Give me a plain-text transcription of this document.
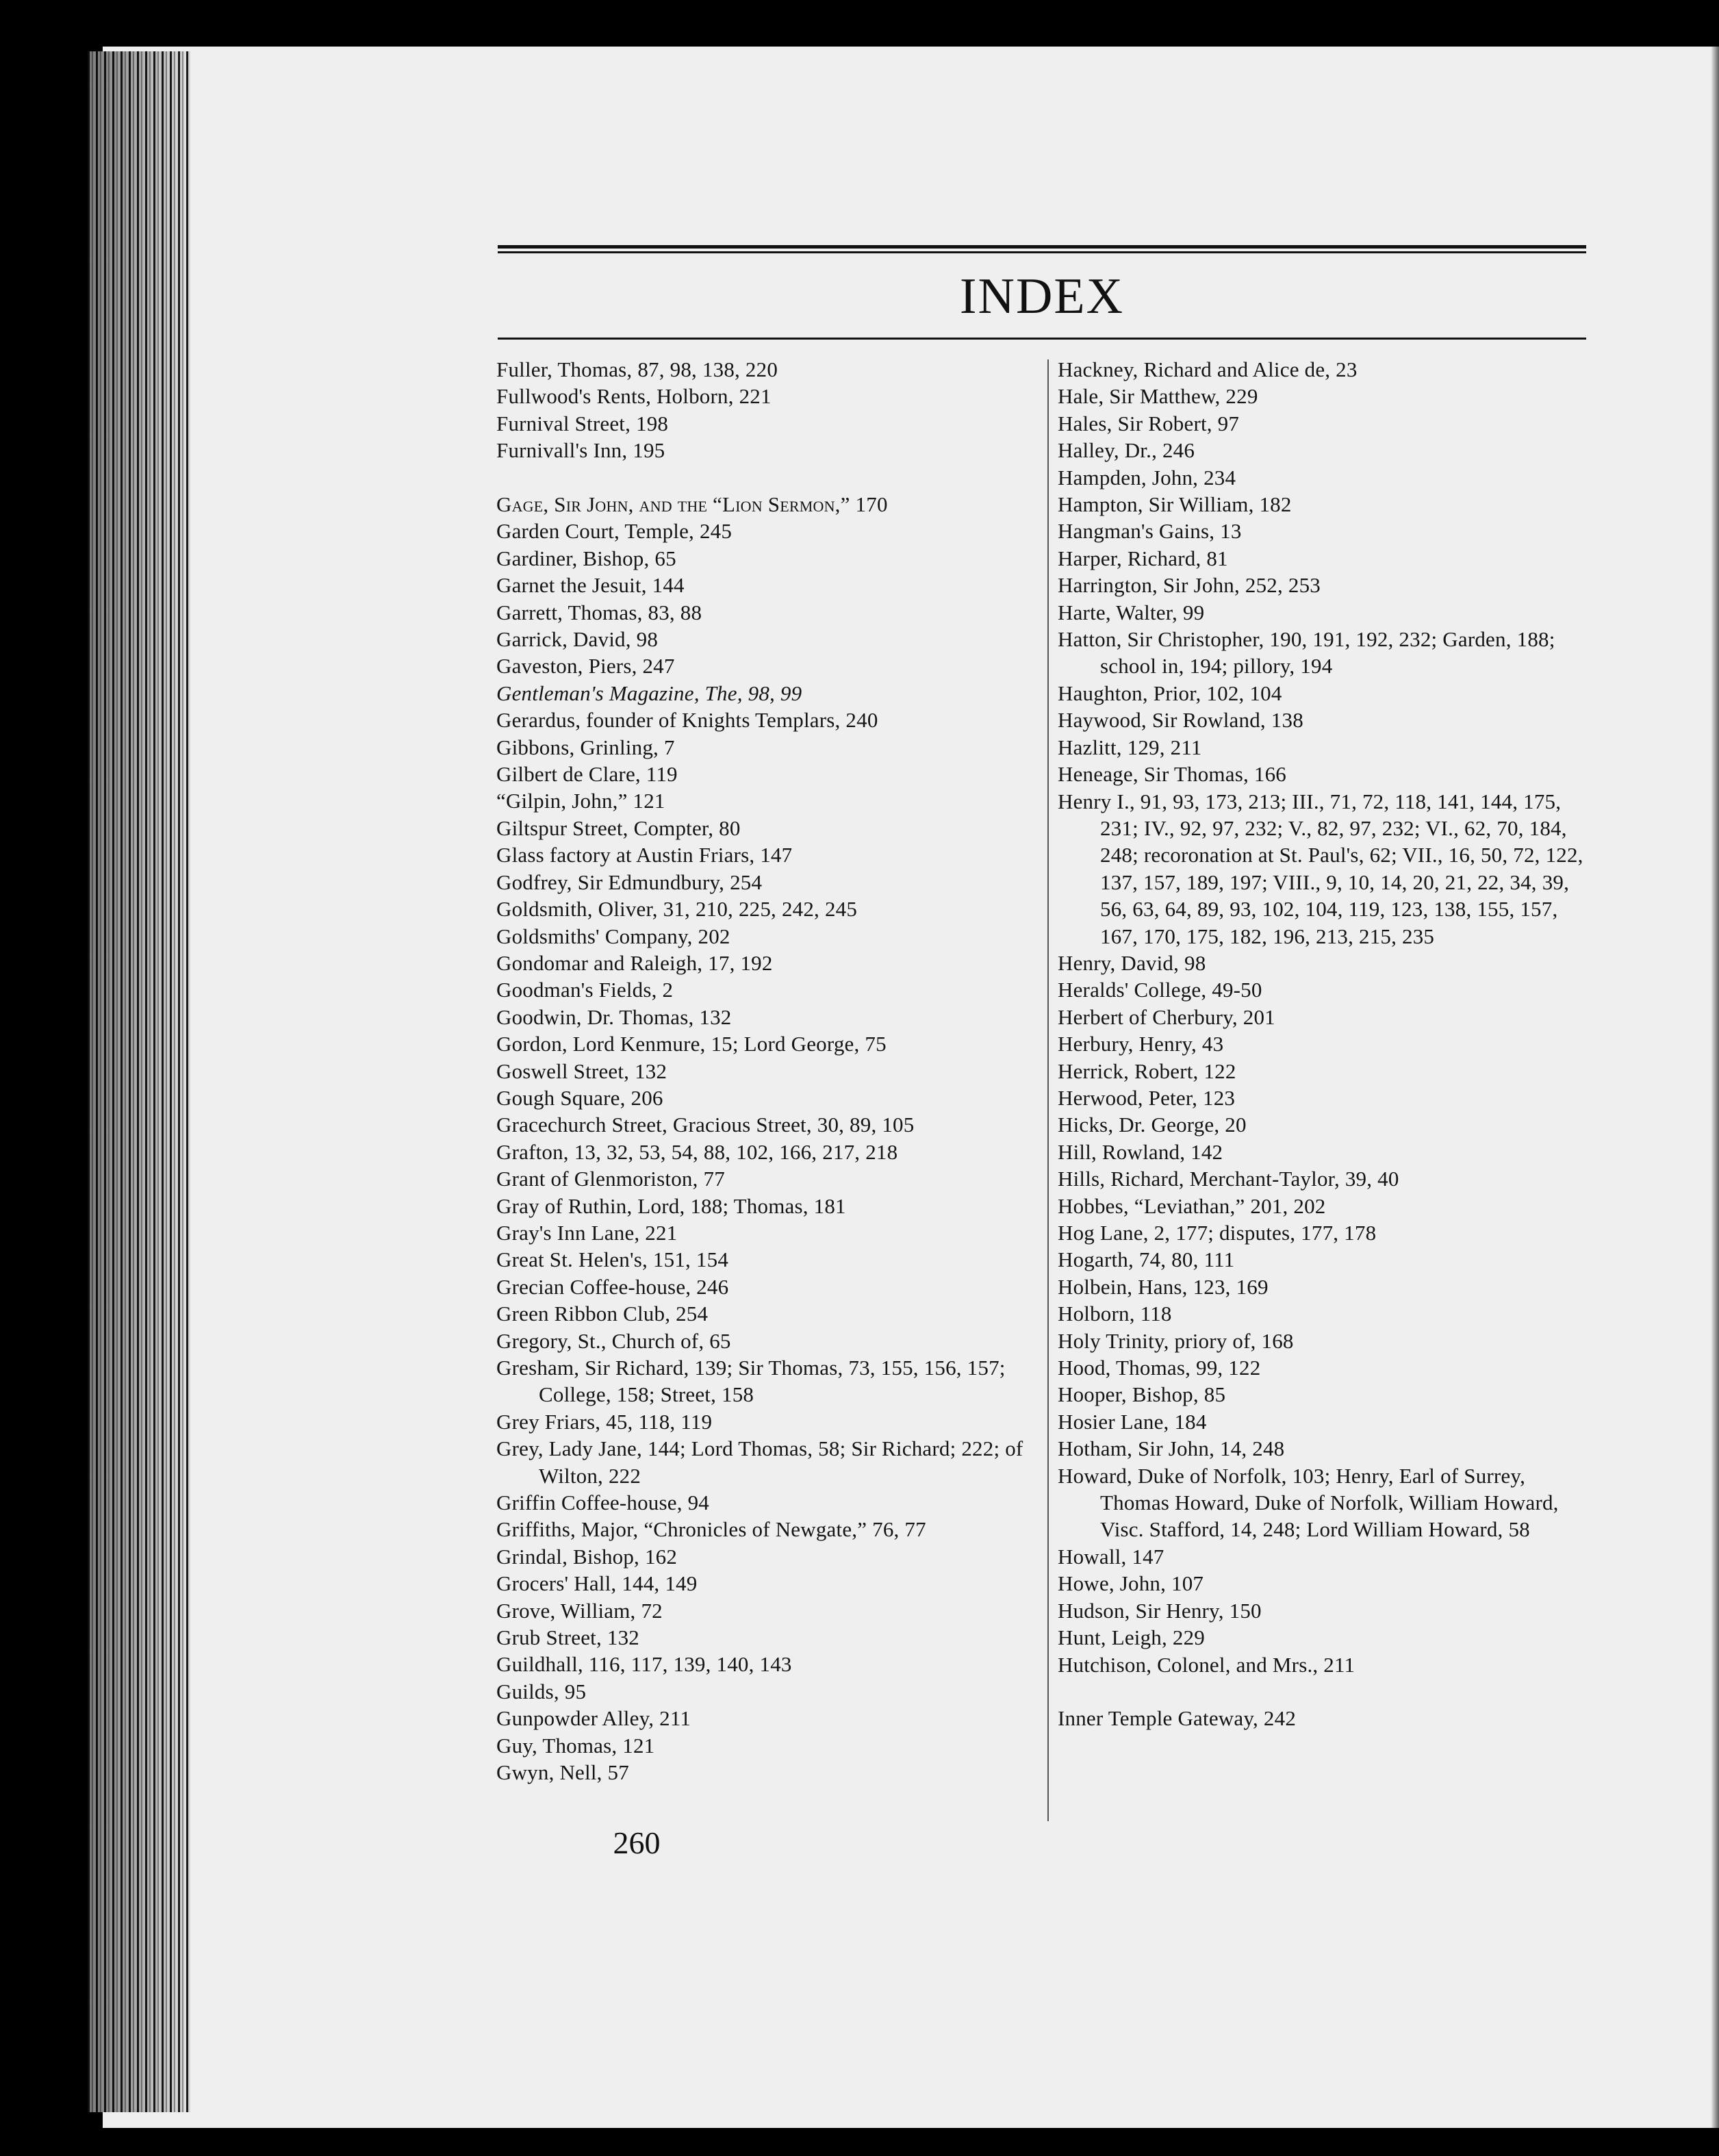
INDEX
Fuller, Thomas, 87, 98, 138, 220
Fullwood's Rents, Holborn, 221
Furnival Street, 198
Furnivall's Inn, 195
Gage, Sir John, and the “Lion Sermon,” 170
Garden Court, Temple, 245
Gardiner, Bishop, 65
Garnet the Jesuit, 144
Garrett, Thomas, 83, 88
Garrick, David, 98
Gaveston, Piers, 247
Gentleman's Magazine, The, 98, 99
Gerardus, founder of Knights Templars, 240
Gibbons, Grinling, 7
Gilbert de Clare, 119
“Gilpin, John,” 121
Giltspur Street, Compter, 80
Glass factory at Austin Friars, 147
Godfrey, Sir Edmundbury, 254
Goldsmith, Oliver, 31, 210, 225, 242, 245
Goldsmiths' Company, 202
Gondomar and Raleigh, 17, 192
Goodman's Fields, 2
Goodwin, Dr. Thomas, 132
Gordon, Lord Kenmure, 15; Lord George, 75
Goswell Street, 132
Gough Square, 206
Gracechurch Street, Gracious Street, 30, 89, 105
Grafton, 13, 32, 53, 54, 88, 102, 166, 217, 218
Grant of Glenmoriston, 77
Gray of Ruthin, Lord, 188; Thomas, 181
Gray's Inn Lane, 221
Great St. Helen's, 151, 154
Grecian Coffee-house, 246
Green Ribbon Club, 254
Gregory, St., Church of, 65
Gresham, Sir Richard, 139; Sir Thomas, 73, 155, 156, 157; College, 158; Street, 158
Grey Friars, 45, 118, 119
Grey, Lady Jane, 144; Lord Thomas, 58; Sir Richard; 222; of Wilton, 222
Griffin Coffee-house, 94
Griffiths, Major, “Chronicles of Newgate,” 76, 77
Grindal, Bishop, 162
Grocers' Hall, 144, 149
Grove, William, 72
Grub Street, 132
Guildhall, 116, 117, 139, 140, 143
Guilds, 95
Gunpowder Alley, 211
Guy, Thomas, 121
Gwyn, Nell, 57
Hackney, Richard and Alice de, 23
Hale, Sir Matthew, 229
Hales, Sir Robert, 97
Halley, Dr., 246
Hampden, John, 234
Hampton, Sir William, 182
Hangman's Gains, 13
Harper, Richard, 81
Harrington, Sir John, 252, 253
Harte, Walter, 99
Hatton, Sir Christopher, 190, 191, 192, 232; Garden, 188; school in, 194; pillory, 194
Haughton, Prior, 102, 104
Haywood, Sir Rowland, 138
Hazlitt, 129, 211
Heneage, Sir Thomas, 166
Henry I., 91, 93, 173, 213; III., 71, 72, 118, 141, 144, 175, 231; IV., 92, 97, 232; V., 82, 97, 232; VI., 62, 70, 184, 248; recoronation at St. Paul's, 62; VII., 16, 50, 72, 122, 137, 157, 189, 197; VIII., 9, 10, 14, 20, 21, 22, 34, 39, 56, 63, 64, 89, 93, 102, 104, 119, 123, 138, 155, 157, 167, 170, 175, 182, 196, 213, 215, 235
Henry, David, 98
Heralds' College, 49-50
Herbert of Cherbury, 201
Herbury, Henry, 43
Herrick, Robert, 122
Herwood, Peter, 123
Hicks, Dr. George, 20
Hill, Rowland, 142
Hills, Richard, Merchant-Taylor, 39, 40
Hobbes, “Leviathan,” 201, 202
Hog Lane, 2, 177; disputes, 177, 178
Hogarth, 74, 80, 111
Holbein, Hans, 123, 169
Holborn, 118
Holy Trinity, priory of, 168
Hood, Thomas, 99, 122
Hooper, Bishop, 85
Hosier Lane, 184
Hotham, Sir John, 14, 248
Howard, Duke of Norfolk, 103; Henry, Earl of Surrey, Thomas Howard, Duke of Norfolk, William Howard, Visc. Stafford, 14, 248; Lord William Howard, 58
Howall, 147
Howe, John, 107
Hudson, Sir Henry, 150
Hunt, Leigh, 229
Hutchison, Colonel, and Mrs., 211
Inner Temple Gateway, 242
260
